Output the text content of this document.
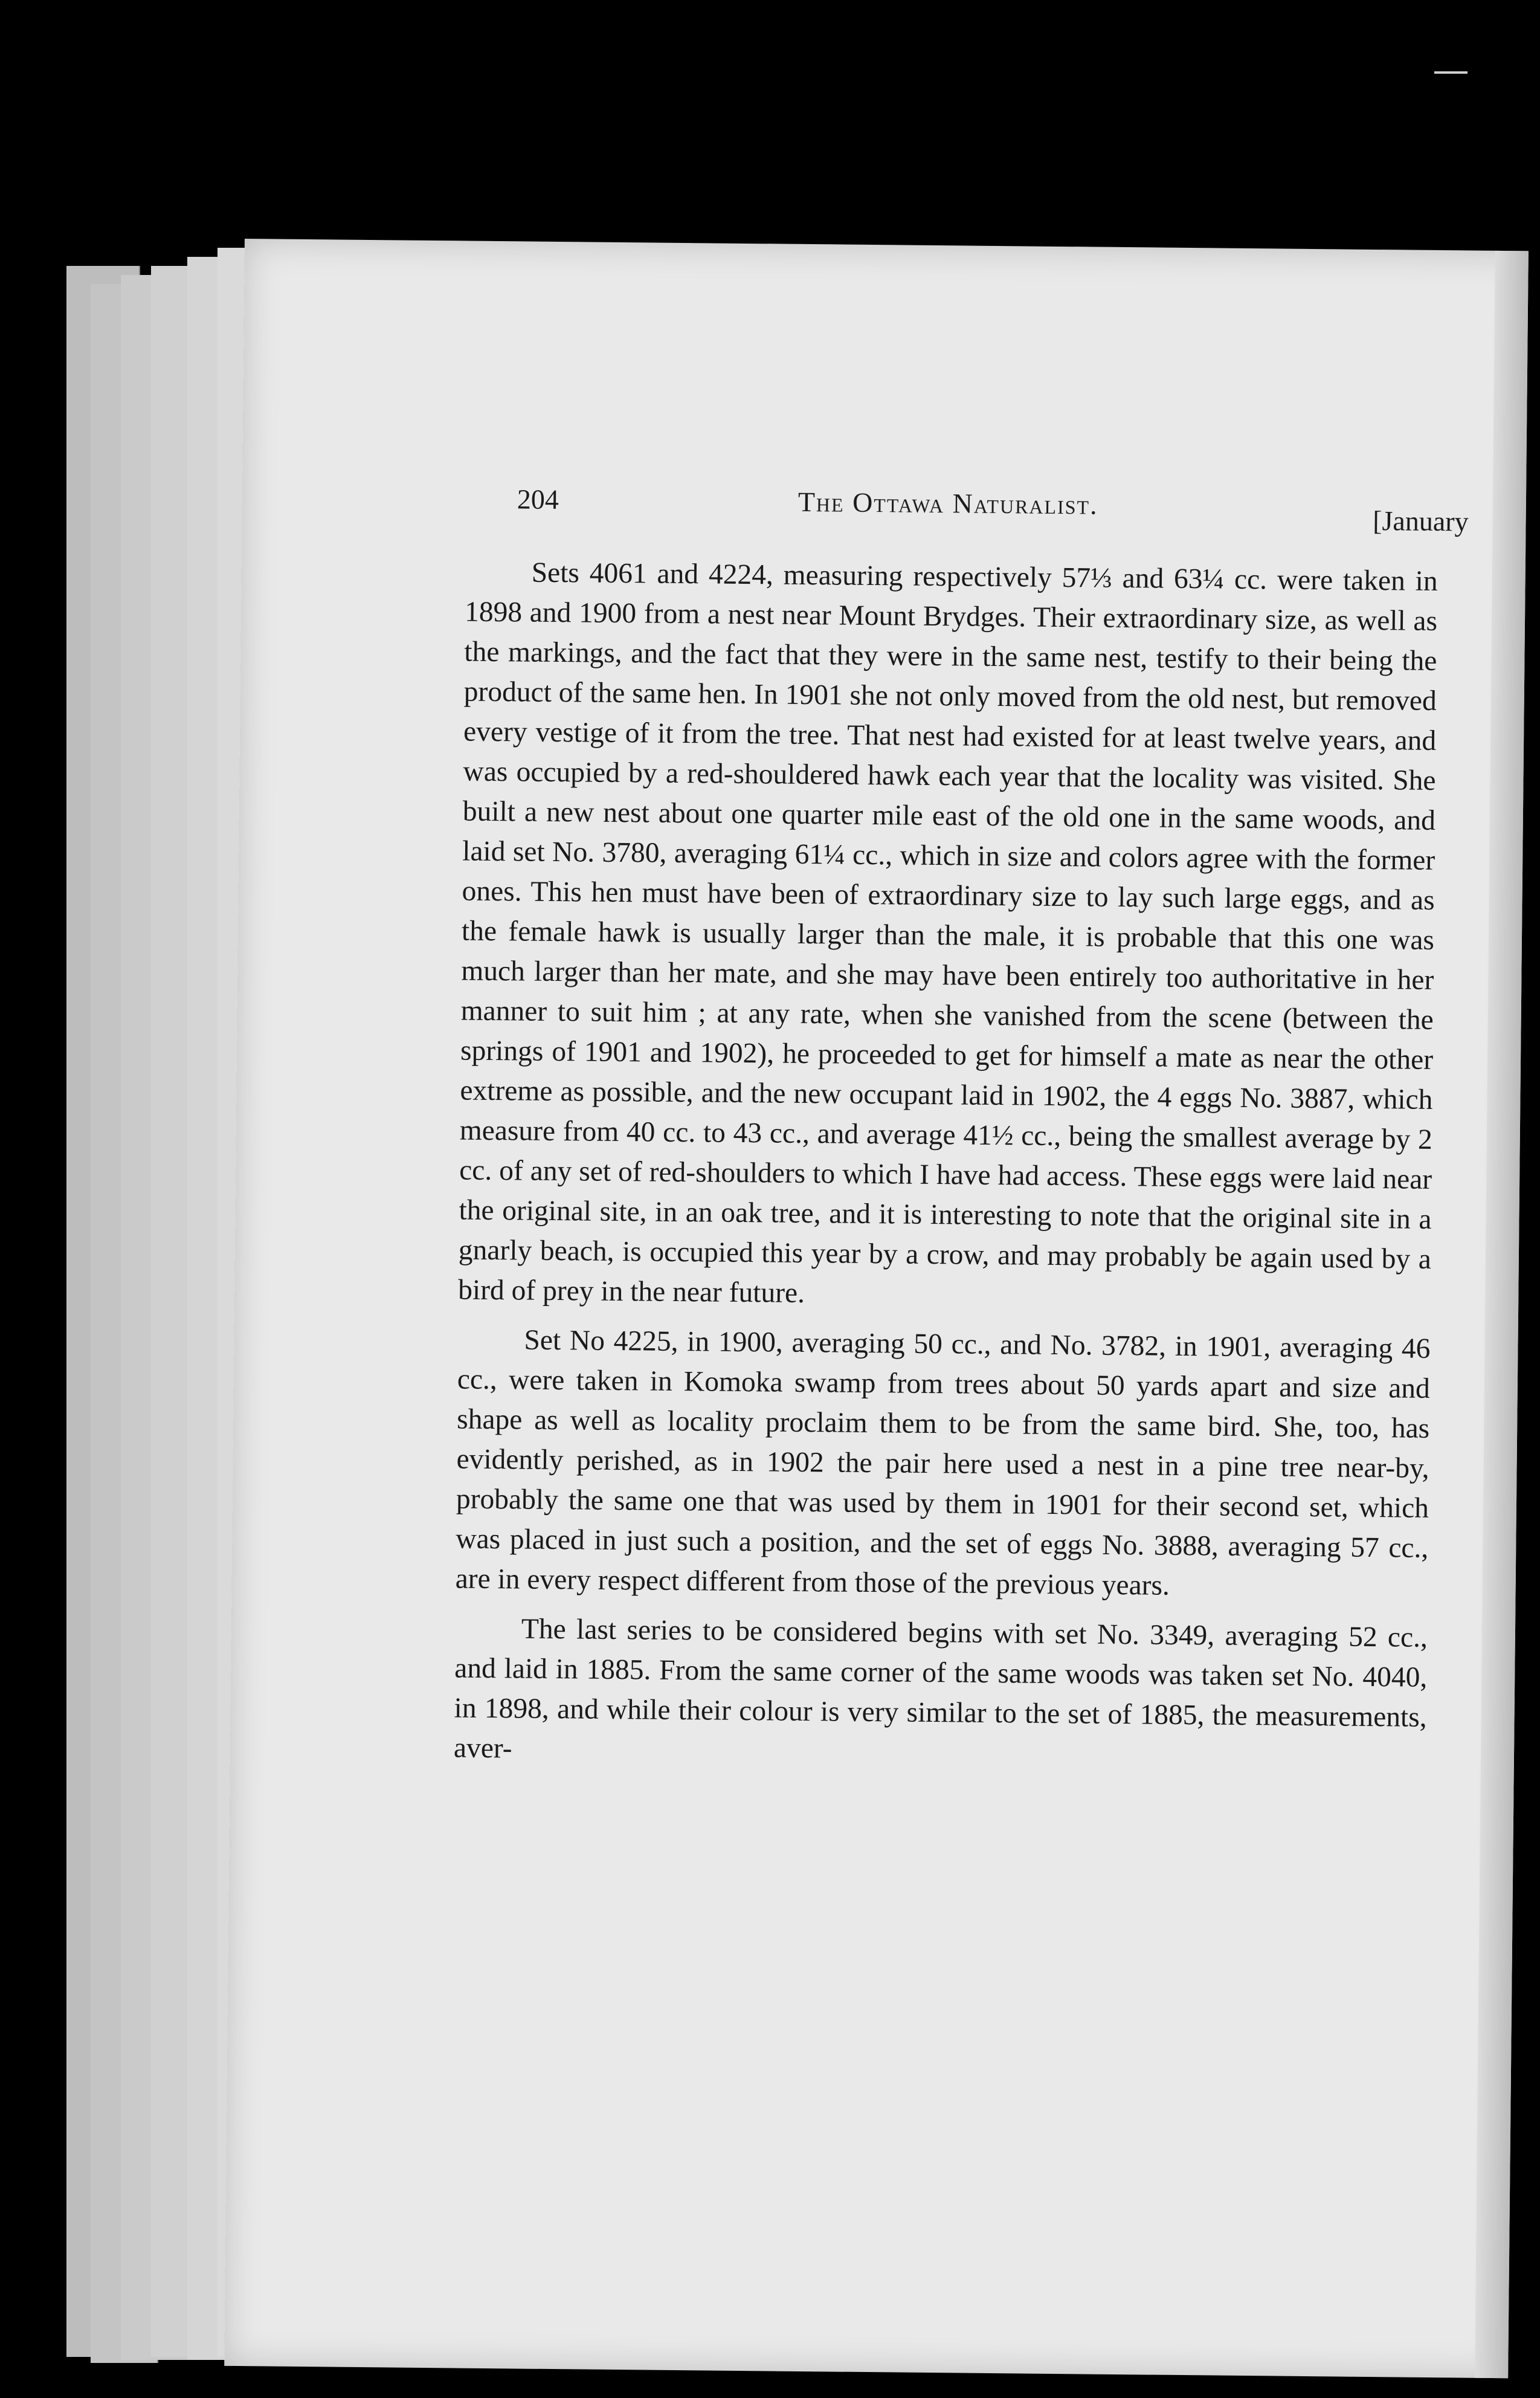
204	The Ottawa Naturalist.
[January

Sets 4061 and 4224, measuring respectively 57⅓ and 63¼ cc. were taken in 1898 and 1900 from a nest near Mount Brydges. Their extraordinary size, as well as the markings, and the fact that they were in the same nest, testify to their being the product of the same hen. In 1901 she not only moved from the old nest, but removed every vestige of it from the tree. That nest had existed for at least twelve years, and was occupied by a red-shouldered hawk each year that the locality was visited. She built a new nest about one quarter mile east of the old one in the same woods, and laid set No. 3780, averaging 61¼ cc., which in size and colors agree with the former ones. This hen must have been of extraordinary size to lay such large eggs, and as the female hawk is usually larger than the male, it is probable that this one was much larger than her mate, and she may have been entirely too authoritative in her manner to suit him ; at any rate, when she vanished from the scene (between the springs of 1901 and 1902), he proceeded to get for himself a mate as near the other extreme as possible, and the new occupant laid in 1902, the 4 eggs No. 3887, which measure from 40 cc. to 43 cc., and average 41½ cc., being the smallest average by 2 cc. of any set of red-shoulders to which I have had access. These eggs were laid near the original site, in an oak tree, and it is interesting to note that the original site in a gnarly beach, is occupied this year by a crow, and may probably be again used by a bird of prey in the near future.

Set No 4225, in 1900, averaging 50 cc., and No. 3782, in 1901, averaging 46 cc., were taken in Komoka swamp from trees about 50 yards apart and size and shape as well as locality proclaim them to be from the same bird. She, too, has evidently perished, as in 1902 the pair here used a nest in a pine tree near-by, probably the same one that was used by them in 1901 for their second set, which was placed in just such a position, and the set of eggs No. 3888, averaging 57 cc., are in every respect different from those of the previous years.

The last series to be considered begins with set No. 3349, averaging 52 cc., and laid in 1885. From the same corner of the same woods was taken set No. 4040, in 1898, and while their colour is very similar to the set of 1885, the measurements, aver-
